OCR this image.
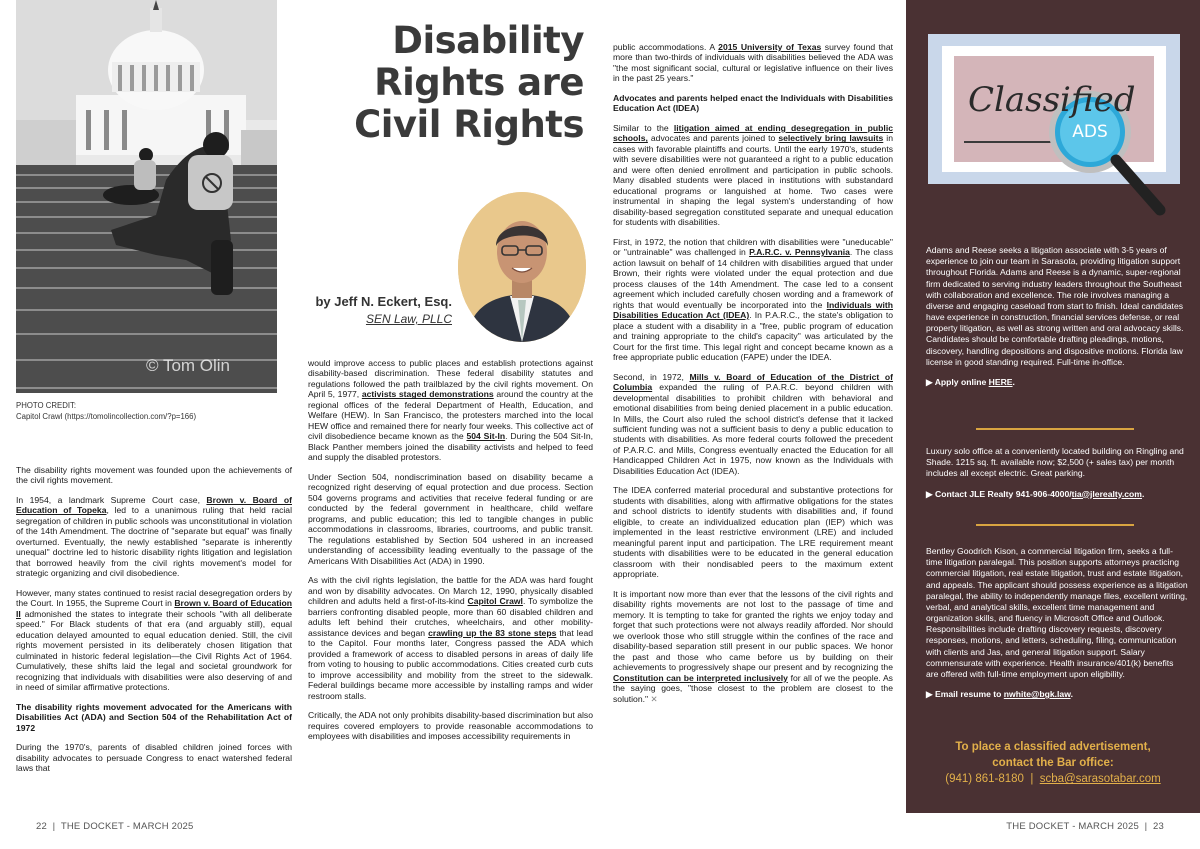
© Tom Olin
PHOTO CREDIT:
Capitol Crawl (https://tomolincollection.com/?p=166)
Disability
Rights are
Civil Rights
by Jeff N. Eckert, Esq.
SEN Law, PLLC

The disability rights movement was founded upon the achievements of the civil rights movement.

In 1954, a landmark Supreme Court case, Brown v. Board of Education of Topeka, led to a unanimous ruling that held racial segregation of children in public schools was unconstitutional in violation of the 14th Amendment. The doctrine of "separate but equal" was finally overturned. Eventually, the newly established "separate is inherently unequal" doctrine led to historic disability rights litigation and legislation that borrowed heavily from the civil rights movement's model for strategic organizing and civil disobedience.

However, many states continued to resist racial desegregation orders by the Court. In 1955, the Supreme Court in Brown v. Board of Education II admonished the states to integrate their schools "with all deliberate speed." For Black students of that era (and arguably still), equal education delayed amounted to equal education denied. Still, the civil rights movement persisted in its deliberately chosen litigation that culminated in historic federal legislation—the Civil Rights Act of 1964. Cumulatively, these shifts laid the legal and societal groundwork for recognizing that individuals with disabilities were also deserving of and in need of similar affirmative protections.

The disability rights movement advocated for the Americans with Disabilities Act (ADA) and Section 504 of the Rehabilitation Act of 1972

During the 1970's, parents of disabled children joined forces with disability advocates to persuade Congress to enact watershed federal laws that

would improve access to public places and establish protections against disability-based discrimination. These federal disability statutes and regulations followed the path trailblazed by the civil rights movement. On April 5, 1977, activists staged demonstrations around the country at the regional offices of the federal Department of Health, Education, and Welfare (HEW). In San Francisco, the protesters marched into the local HEW office and remained there for nearly four weeks. This collective act of civil disobedience became known as the 504 Sit-In. During the 504 Sit-In, Black Panther members joined the disability activists and helped to feed and supply the disabled protestors.

Under Section 504, nondiscrimination based on disability became a recognized right deserving of equal protection and due process. Section 504 governs programs and activities that receive federal funding or are conducted by the federal government in healthcare, child welfare programs, and public education; this led to tangible changes in public accommodations in classrooms, libraries, courtrooms, and public transit. The regulations established by Section 504 ushered in an increased understanding of accessibility leading eventually to the passage of the Americans With Disabilities Act (ADA) in 1990.

As with the civil rights legislation, the battle for the ADA was hard fought and won by disability advocates. On March 12, 1990, physically disabled children and adults held a first-of-its-kind Capitol Crawl. To symbolize the barriers confronting disabled people, more than 60 disabled children and adults left behind their crutches, wheelchairs, and other mobility-assistance devices and began crawling up the 83 stone steps that lead to the Capitol. Four months later, Congress passed the ADA which provided a framework of access to disabled persons in areas of daily life from voting to housing to public accommodations. Cities created curb cuts to improve accessibility and mobility from the street to the sidewalk. Federal buildings became more accessible by installing ramps and wider restroom stalls.

Critically, the ADA not only prohibits disability-based discrimination but also requires covered employers to provide reasonable accommodations to employees with disabilities and imposes accessibility requirements in

public accommodations. A 2015 University of Texas survey found that more than two-thirds of individuals with disabilities believed the ADA was "the most significant social, cultural or legislative influence on their lives in the past 25 years."

Advocates and parents helped enact the Individuals with Disabilities Education Act (IDEA)

Similar to the litigation aimed at ending desegregation in public schools, advocates and parents joined to selectively bring lawsuits in cases with favorable plaintiffs and courts. Until the early 1970's, students with severe disabilities were not guaranteed a right to a public education and were often denied enrollment and participation in public schools. Many disabled students were placed in institutions with substandard educational programs or languished at home. Two cases were instrumental in shaping the legal system's understanding of how disability-based segregation constituted separate and unequal education for students with disabilities.

First, in 1972, the notion that children with disabilities were "uneducable" or "untrainable" was challenged in P.A.R.C. v. Pennsylvania. The class action lawsuit on behalf of 14 children with disabilities argued that under Brown, their rights were violated under the equal protection and due process clauses of the 14th Amendment. The case led to a consent agreement which included carefully chosen wording and a framework of rights that would eventually be incorporated into the Individuals with Disabilities Education Act (IDEA). In P.A.R.C., the state's obligation to place a student with a disability in a "free, public program of education and training appropriate to the child's capacity" was articulated by the Court for the first time. This legal right and concept became known as a free appropriate public education (FAPE) under the IDEA.

Second, in 1972, Mills v. Board of Education of the District of Columbia expanded the ruling of P.A.R.C. beyond children with developmental disabilities to prohibit children with behavioral and emotional disabilities from being denied placement in a public education. In Mills, the Court also ruled the school district's defense that it lacked sufficient funding was not a sufficient basis to deny a public education to students with disabilities. As more federal courts followed the precedent of P.A.R.C. and Mills, Congress eventually enacted the Education for all Handicapped Children Act in 1975, now known as the Individuals with Disabilities Education Act (IDEA).

The IDEA conferred material procedural and substantive protections for students with disabilities, along with affirmative obligations for the states and school districts to identify students with disabilities and, if found eligible, to create an individualized education plan (IEP) which was implemented in the least restrictive environment (LRE) and included meaningful parent input and participation. The LRE requirement meant students with disabilities were to be educated in the general education classroom with their nondisabled peers to the maximum extent appropriate.

It is important now more than ever that the lessons of the civil rights and disability rights movements are not lost to the passage of time and memory. It is tempting to take for granted the rights we enjoy today and forget that such protections were not always readily afforded. Nor should we overlook those who still struggle within the confines of the race and disability-based separation still present in our public spaces. We honor the past and those who came before us by building on their achievements to progressively shape our present and by recognizing the Constitution can be interpreted inclusively for all of we the people. As the saying goes, "those closest to the problem are closest to the solution." ✕

Classified
ADS
Adams and Reese seeks a litigation associate with 3-5 years of experience to join our team in Sarasota, providing litigation support throughout Florida. Adams and Reese is a dynamic, super-regional firm dedicated to serving industry leaders throughout the Southeast with collaboration and excellence. The role involves managing a diverse and engaging caseload from start to finish. Ideal candidates have experience in construction, financial services defense, or real property litigation, as well as strong written and oral advocacy skills. Candidates should be comfortable drafting pleadings, motions, discovery, handling depositions and dispositive motions. Florida law license in good standing required. Full-time in-office.
▶ Apply online HERE.
Luxury solo office at a conveniently located building on Ringling and Shade. 1215 sq. ft. available now; $2,500 (+ sales tax) per month includes all except electric. Great parking.
▶ Contact JLE Realty 941-906-4000/tia@jlerealty.com.
Bentley Goodrich Kison, a commercial litigation firm, seeks a full-time litigation paralegal. This position supports attorneys practicing commercial litigation, real estate litigation, trust and estate litigation, and appeals. The applicant should possess experience as a litigation paralegal, the ability to independently manage files, excellent writing, verbal, and analytical skills, excellent time management and organization skills, and fluency in Microsoft Office and Outlook. Responsibilities include drafting discovery requests, discovery responses, motions, and letters, scheduling, filing, communication with clients and Jas, and general litigation support. Salary commensurate with experience. Health insurance/401(k) benefits are offered with full-time employment upon eligibility.
▶ Email resume to nwhite@bgk.law.
To place a classified advertisement,
contact the Bar office:
(941) 861-8180 | scba@sarasotabar.com
22  |  THE DOCKET - MARCH 2025	THE DOCKET - MARCH 2025  |  23
